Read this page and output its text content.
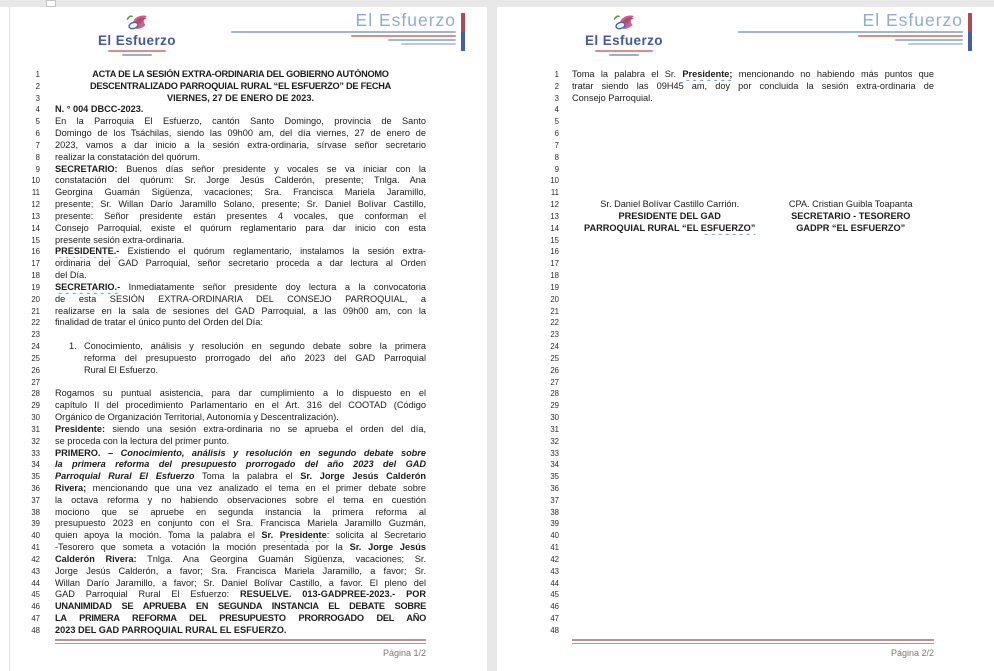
El Esfuerzo
El Esfuerzo
1	ACTA DE LA SESIÓN EXTRA-ORDINARIA DEL GOBIERNO AUTÓNOMO
2	DESCENTRALIZADO PARROQUIAL RURAL “EL ESFUERZO” DE FECHA
3	VIERNES, 27 DE ENERO DE 2023.
4 N. ° 004 DBCC-2023.
5 En la Parroquia El Esfuerzo, cantón Santo Domingo, provincia de Santo
6 Domingo de los Tsáchilas, siendo las 09h00 am, del día viernes, 27 de enero de
7 2023, vamos a dar inicio a la sesión extra-ordinaria, sírvase señor secretario
8 realizar la constatación del quórum.
9 SECRETARIO: Buenos días señor presidente y vocales se va iniciar con la
10 constatación del quórum: Sr. Jorge Jesús Calderón, presente; Tnlga. Ana
11 Georgina Guamán Sigüenza, vacaciones; Sra. Francisca Mariela Jaramillo,
12 presente; Sr. Willan Darío Jaramillo Solano, presente; Sr. Daniel Bolívar Castillo,
13 presente: Señor presidente están presentes 4 vocales, que conforman el
14 Consejo Parroquial, existe el quórum reglamentario para dar inicio con esta
15 presente sesión extra-ordinaria.
16 PRESIDENTE.- Existiendo el quórum reglamentario, instalamos la sesión extra-
17 ordinaria del GAD Parroquial, señor secretario proceda a dar lectura al Orden
18 del Día.
19 SECRETARIO.- Inmediatamente señor presidente doy lectura a la convocatoria
20 de esta SESIÓN EXTRA-ORDINARIA DEL CONSEJO PARROQUIAL, a
21 realizarse en la sala de sesiones del GAD Parroquial, a las 09h00 am, con la
22 finalidad de tratar el único punto del Orden del Día:
23
24	1. Conocimiento, análisis y resolución en segundo debate sobre la primera
25	reforma del presupuesto prorrogado del año 2023 del GAD Parroquial
26	Rural El Esfuerzo.
27
28 Rogamos su puntual asistencia, para dar cumplimiento a lo dispuesto en el
29 capítulo II del procedimiento Parlamentario en el Art. 316 del COOTAD (Código
30 Orgánico de Organización Territorial, Autonomía y Descentralización).
31 Presidente: siendo una sesión extra-ordinaria no se aprueba el orden del día,
32 se proceda con la lectura del primer punto.
33 PRIMERO. – Conocimiento, análisis y resolución en segundo debate sobre
34 la primera reforma del presupuesto prorrogado del año 2023 del GAD
35 Parroquial Rural El Esfuerzo Toma la palabra el Sr. Jorge Jesús Calderón
36 Rivera; mencionando que una vez analizado el tema en el primer debate sobre
37 la octava reforma y no habiendo observaciones sobre el tema en cuestión
38 mociono que se apruebe en segunda instancia la primera reforma al
39 presupuesto 2023 en conjunto con el Sra. Francisca Mariela Jaramillo Guzmán,
40 quien apoya la moción. Toma la palabra el Sr. Presidente: solicita al Secretario
41 -Tesorero que someta a votación la moción presentada por la Sr. Jorge Jesús
42 Calderón Rivera: Tnlga. Ana Georgina Guamán Sigüenza, vacaciones; Sr.
43 Jorge Jesús Calderón, a favor; Sra. Francisca Mariela Jaramillo, a favor; Sr.
44 Willan Darío Jaramillo, a favor; Sr. Daniel Bolívar Castillo, a favor. El pleno del
45 GAD Parroquial Rural El Esfuerzo: RESUELVE. 013-GADPREE-2023.- POR
46 UNANIMIDAD SE APRUEBA EN SEGUNDA INSTANCIA EL DEBATE SOBRE
47 LA PRIMERA REFORMA DEL PRESUPUESTO PRORROGADO DEL AÑO
48 2023 DEL GAD PARROQUIAL RURAL EL ESFUERZO.
Página 1/2
El Esfuerzo
El Esfuerzo
1 Toma la palabra el Sr. Presidente; mencionando no habiendo más puntos que
2 tratar siendo las 09H45 am, doy por concluida la sesión extra-ordinaria de
3 Consejo Parroquial.
4
5
6
7
8
9
10
11
12	Sr. Daniel Bolívar Castillo Carrión.	CPA. Cristian Guibla Toapanta
13	PRESIDENTE DEL GAD	SECRETARIO - TESORERO
14	PARROQUIAL RURAL “EL ESFUERZO”	GADPR “EL ESFUERZO”
15
16
17
18
19
20
21
22
23
24
25
26
27
28
29
30
31
32
33
34
35
36
37
38
39
40
41
42
43
44
45
46
47
48
Página 2/2
